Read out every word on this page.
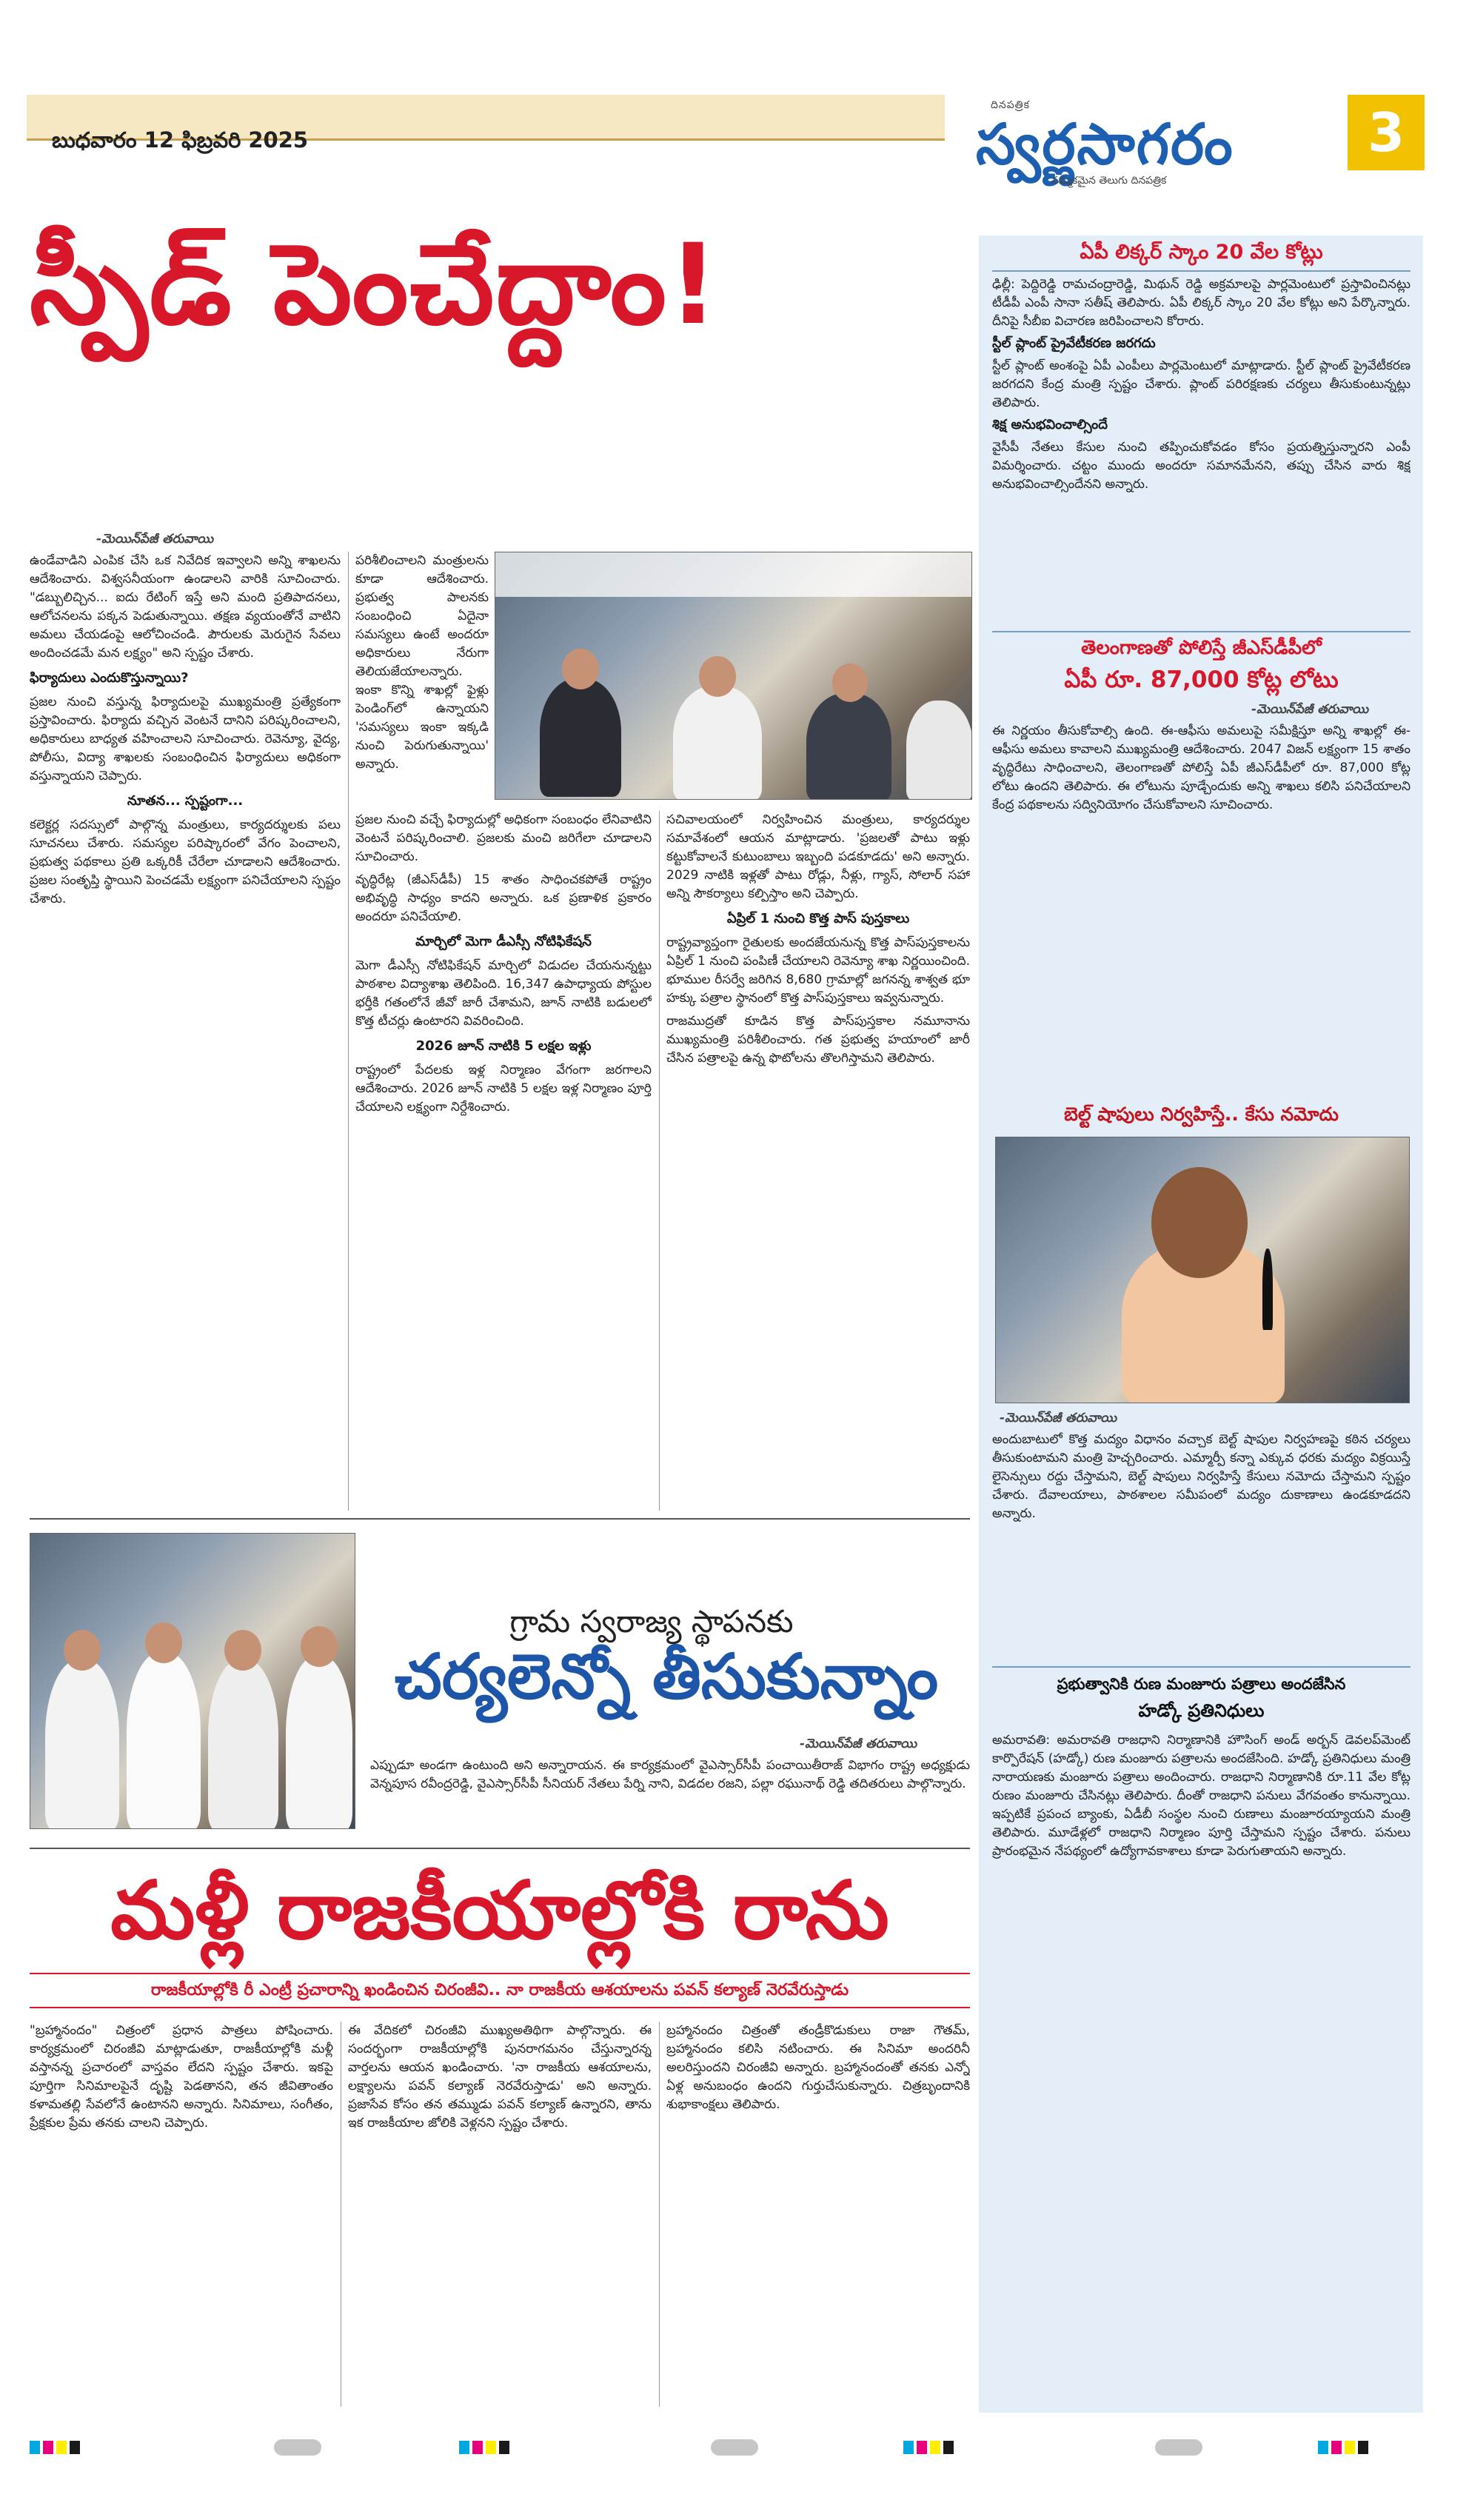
బుధవారం 12 ఫిబ్రవరి 2025
దినపత్రిక
స్వర్ణసాగరం
నమ్మకమైన తెలుగు దినపత్రిక
3
స్పీడ్ పెంచేద్దాం!
-మెయిన్‌పేజీ తరువాయి

ఉండేవాడిని ఎంపిక చేసి ఒక నివేదిక ఇవ్వాలని అన్ని శాఖలను ఆదేశించారు. విశ్వసనీయంగా ఉండాలని వారికి సూచించారు. "డబ్బులిచ్చిన... ఐదు రేటింగ్‌ ఇస్తే అని మంది ప్రతిపాదనలు, ఆలోచనలను పక్కన పెడుతున్నాయి. తక్షణ వ్యయంతోనే వాటిని అమలు చేయడంపై ఆలోచించండి. పౌరులకు మెరుగైన సేవలు అందించడమే మన లక్ష్యం" అని స్పష్టం చేశారు.

ఫిర్యాదులు ఎందుకొస్తున్నాయి?

ప్రజల నుంచి వస్తున్న ఫిర్యాదులపై ముఖ్యమంత్రి ప్రత్యేకంగా ప్రస్తావించారు. ఫిర్యాదు వచ్చిన వెంటనే దానిని పరిష్కరించాలని, అధికారులు బాధ్యత వహించాలని సూచించారు. రెవెన్యూ, వైద్య, పోలీసు, విద్యా శాఖలకు సంబంధించిన ఫిర్యాదులు అధికంగా వస్తున్నాయని చెప్పారు.

నూతన... స్పష్టంగా...

కలెక్టర్ల సదస్సులో పాల్గొన్న మంత్రులు, కార్యదర్శులకు పలు సూచనలు చేశారు. సమస్యల పరిష్కారంలో వేగం పెంచాలని, ప్రభుత్వ పథకాలు ప్రతి ఒక్కరికీ చేరేలా చూడాలని ఆదేశించారు. ప్రజల సంతృప్తి స్థాయిని పెంచడమే లక్ష్యంగా పనిచేయాలని స్పష్టం చేశారు.

పరిశీలించాలని మంత్రులను కూడా ఆదేశించారు. ప్రభుత్వ పాలనకు సంబంధించి ఏదైనా సమస్యలు ఉంటే అందరూ అధికారులు నేరుగా తెలియజేయాలన్నారు. ఇంకా కొన్ని శాఖల్లో ఫైళ్లు పెండింగ్‌లో ఉన్నాయని 'సమస్యలు ఇంకా ఇక్కడి నుంచి పెరుగుతున్నాయి' అన్నారు.

ప్రజల నుంచి వచ్చే ఫిర్యాదుల్లో అధికంగా సంబంధం లేనివాటిని వెంటనే పరిష్కరించాలి. ప్రజలకు మంచి జరిగేలా చూడాలని సూచించారు.

వృద్ధిరేట్ల (జీఎస్‌డీపీ) 15 శాతం సాధించకపోతే రాష్ట్రం అభివృద్ధి సాధ్యం కాదని అన్నారు. ఒక ప్రణాళిక ప్రకారం అందరూ పనిచేయాలి.

మార్చిలో మెగా డీఎస్సీ నోటిఫికేషన్

మెగా డీఎస్సీ నోటిఫికేషన్ మార్చిలో విడుదల చేయనున్నట్టు పాఠశాల విద్యాశాఖ తెలిపింది. 16,347 ఉపాధ్యాయ పోస్టుల భర్తీకి గతంలోనే జీవో జారీ చేశామని, జూన్ నాటికి బడులలో కొత్త టీచర్లు ఉంటారని వివరించింది.

2026 జూన్ నాటికి 5 లక్షల ఇళ్లు

రాష్ట్రంలో పేదలకు ఇళ్ల నిర్మాణం వేగంగా జరగాలని ఆదేశించారు. 2026 జూన్ నాటికి 5 లక్షల ఇళ్ల నిర్మాణం పూర్తి చేయాలని లక్ష్యంగా నిర్దేశించారు.

సచివాలయంలో నిర్వహించిన మంత్రులు, కార్యదర్శుల సమావేశంలో ఆయన మాట్లాడారు. 'ప్రజలతో పాటు ఇళ్లు కట్టుకోవాలనే కుటుంబాలు ఇబ్బంది పడకూడదు' అని అన్నారు. 2029 నాటికి ఇళ్లతో పాటు రోడ్లు, నీళ్లు, గ్యాస్, సోలార్ సహా అన్ని సౌకర్యాలు కల్పిస్తాం అని చెప్పారు.

ఏప్రిల్ 1 నుంచి కొత్త పాస్ పుస్తకాలు

రాష్ట్రవ్యాప్తంగా రైతులకు అందజేయనున్న కొత్త పాస్‌పుస్తకాలను ఏప్రిల్ 1 నుంచి పంపిణీ చేయాలని రెవెన్యూ శాఖ నిర్ణయించింది. భూముల రీసర్వే జరిగిన 8,680 గ్రామాల్లో జగనన్న శాశ్వత భూ హక్కు పత్రాల స్థానంలో కొత్త పాస్‌పుస్తకాలు ఇవ్వనున్నారు.

రాజముద్రతో కూడిన కొత్త పాస్‌పుస్తకాల నమూనాను ముఖ్యమంత్రి పరిశీలించారు. గత ప్రభుత్వ హయాంలో జారీ చేసిన పత్రాలపై ఉన్న ఫొటోలను తొలగిస్తామని తెలిపారు.

గ్రామ స్వరాజ్య స్థాపనకు
చర్యలెన్నో తీసుకున్నాం
-మెయిన్‌పేజీ తరువాయి
ఎప్పుడూ అండగా ఉంటుంది అని అన్నారాయన. ఈ కార్యక్రమంలో వైఎస్సార్‌సీపీ పంచాయితీరాజ్ విభాగం రాష్ట్ర అధ్యక్షుడు వెన్నపూస రవీంద్రరెడ్డి, వైఎస్సార్‌సీపీ సీనియర్ నేతలు పేర్ని నాని, విడదల రజని, పల్లా రఘునాథ్ రెడ్డి తదితరులు పాల్గొన్నారు.
మళ్లీ రాజకీయాల్లోకి రాను
రాజకీయాల్లోకి రీ ఎంట్రీ ప్రచారాన్ని ఖండించిన చిరంజీవి.. నా రాజకీయ ఆశయాలను పవన్ కల్యాణ్ నెరవేరుస్తాడు
"బ్రహ్మానందం" చిత్రంలో ప్రధాన పాత్రలు పోషించారు. కార్యక్రమంలో చిరంజీవి మాట్లాడుతూ, రాజకీయాల్లోకి మళ్లీ వస్తానన్న ప్రచారంలో వాస్తవం లేదని స్పష్టం చేశారు. ఇకపై పూర్తిగా సినిమాలపైనే దృష్టి పెడతానని, తన జీవితాంతం కళామతల్లి సేవలోనే ఉంటానని అన్నారు. సినిమాలు, సంగీతం, ప్రేక్షకుల ప్రేమ తనకు చాలని చెప్పారు.
ఈ వేదికలో చిరంజీవి ముఖ్యఅతిథిగా పాల్గొన్నారు. ఈ సందర్భంగా రాజకీయాల్లోకి పునరాగమనం చేస్తున్నారన్న వార్తలను ఆయన ఖండించారు. 'నా రాజకీయ ఆశయాలను, లక్ష్యాలను పవన్ కల్యాణ్ నెరవేరుస్తాడు' అని అన్నారు. ప్రజాసేవ కోసం తన తమ్ముడు పవన్ కల్యాణ్ ఉన్నారని, తాను ఇక రాజకీయాల జోలికి వెళ్లనని స్పష్టం చేశారు.
బ్రహ్మానందం చిత్రంతో తండ్రీకొడుకులు రాజా గౌతమ్, బ్రహ్మానందం కలిసి నటించారు. ఈ సినిమా అందరినీ అలరిస్తుందని చిరంజీవి అన్నారు. బ్రహ్మానందంతో తనకు ఎన్నో ఏళ్ల అనుబంధం ఉందని గుర్తుచేసుకున్నారు. చిత్రబృందానికి శుభాకాంక్షలు తెలిపారు.
ఏపీ లిక్కర్ స్కాం 20 వేల కోట్లు

ఢిల్లీ: పెద్దిరెడ్డి రామచంద్రారెడ్డి, మిథున్ రెడ్డి అక్రమాలపై పార్లమెంటులో ప్రస్తావించినట్లు టీడీపీ ఎంపీ సానా సతీష్ తెలిపారు. ఏపీ లిక్కర్ స్కాం 20 వేల కోట్లు అని పేర్కొన్నారు. దీనిపై సీబీఐ విచారణ జరిపించాలని కోరారు.

స్టీల్ ప్లాంట్ ప్రైవేటీకరణ జరగదు

స్టీల్ ప్లాంట్ అంశంపై ఏపీ ఎంపీలు పార్లమెంటులో మాట్లాడారు. స్టీల్ ప్లాంట్ ప్రైవేటీకరణ జరగదని కేంద్ర మంత్రి స్పష్టం చేశారు. ప్లాంట్ పరిరక్షణకు చర్యలు తీసుకుంటున్నట్లు తెలిపారు.

శిక్ష అనుభవించాల్సిందే

వైసీపీ నేతలు కేసుల నుంచి తప్పించుకోవడం కోసం ప్రయత్నిస్తున్నారని ఎంపీ విమర్శించారు. చట్టం ముందు అందరూ సమానమేనని, తప్పు చేసిన వారు శిక్ష అనుభవించాల్సిందేనని అన్నారు.

తెలంగాణతో పోలిస్తే జీఎస్‌డీపీలో
ఏపీ రూ. 87,000 కోట్ల లోటు
-మెయిన్‌పేజీ తరువాయి
ఈ నిర్ణయం తీసుకోవాల్సి ఉంది. ఈ-ఆఫీసు అమలుపై సమీక్షిస్తూ అన్ని శాఖల్లో ఈ-ఆఫీసు అమలు కావాలని ముఖ్యమంత్రి ఆదేశించారు. 2047 విజన్ లక్ష్యంగా 15 శాతం వృద్ధిరేటు సాధించాలని, తెలంగాణతో పోలిస్తే ఏపీ జీఎస్‌డీపీలో రూ. 87,000 కోట్ల లోటు ఉందని తెలిపారు. ఈ లోటును పూడ్చేందుకు అన్ని శాఖలు కలిసి పనిచేయాలని కేంద్ర పథకాలను సద్వినియోగం చేసుకోవాలని సూచించారు.
బెల్ట్ షాపులు నిర్వహిస్తే.. కేసు నమోదు
-మెయిన్‌పేజీ తరువాయి
అందుబాటులో కొత్త మద్యం విధానం వచ్చాక బెల్ట్ షాపుల నిర్వహణపై కఠిన చర్యలు తీసుకుంటామని మంత్రి హెచ్చరించారు. ఎమ్మార్పీ కన్నా ఎక్కువ ధరకు మద్యం విక్రయిస్తే లైసెన్సులు రద్దు చేస్తామని, బెల్ట్ షాపులు నిర్వహిస్తే కేసులు నమోదు చేస్తామని స్పష్టం చేశారు. దేవాలయాలు, పాఠశాలల సమీపంలో మద్యం దుకాణాలు ఉండకూడదని అన్నారు.
ప్రభుత్వానికి రుణ మంజూరు పత్రాలు అందజేసిన
హడ్కో ప్రతినిధులు
అమరావతి: అమరావతి రాజధాని నిర్మాణానికి హౌసింగ్ అండ్ అర్బన్ డెవలప్‌మెంట్ కార్పొరేషన్ (హడ్కో) రుణ మంజూరు పత్రాలను అందజేసింది. హడ్కో ప్రతినిధులు మంత్రి నారాయణకు మంజూరు పత్రాలు అందించారు. రాజధాని నిర్మాణానికి రూ.11 వేల కోట్ల రుణం మంజూరు చేసినట్లు తెలిపారు. దీంతో రాజధాని పనులు వేగవంతం కానున్నాయి. ఇప్పటికే ప్రపంచ బ్యాంకు, ఏడీబీ సంస్థల నుంచి రుణాలు మంజూరయ్యాయని మంత్రి తెలిపారు. మూడేళ్లలో రాజధాని నిర్మాణం పూర్తి చేస్తామని స్పష్టం చేశారు. పనులు ప్రారంభమైన నేపథ్యంలో ఉద్యోగావకాశాలు కూడా పెరుగుతాయని అన్నారు.
